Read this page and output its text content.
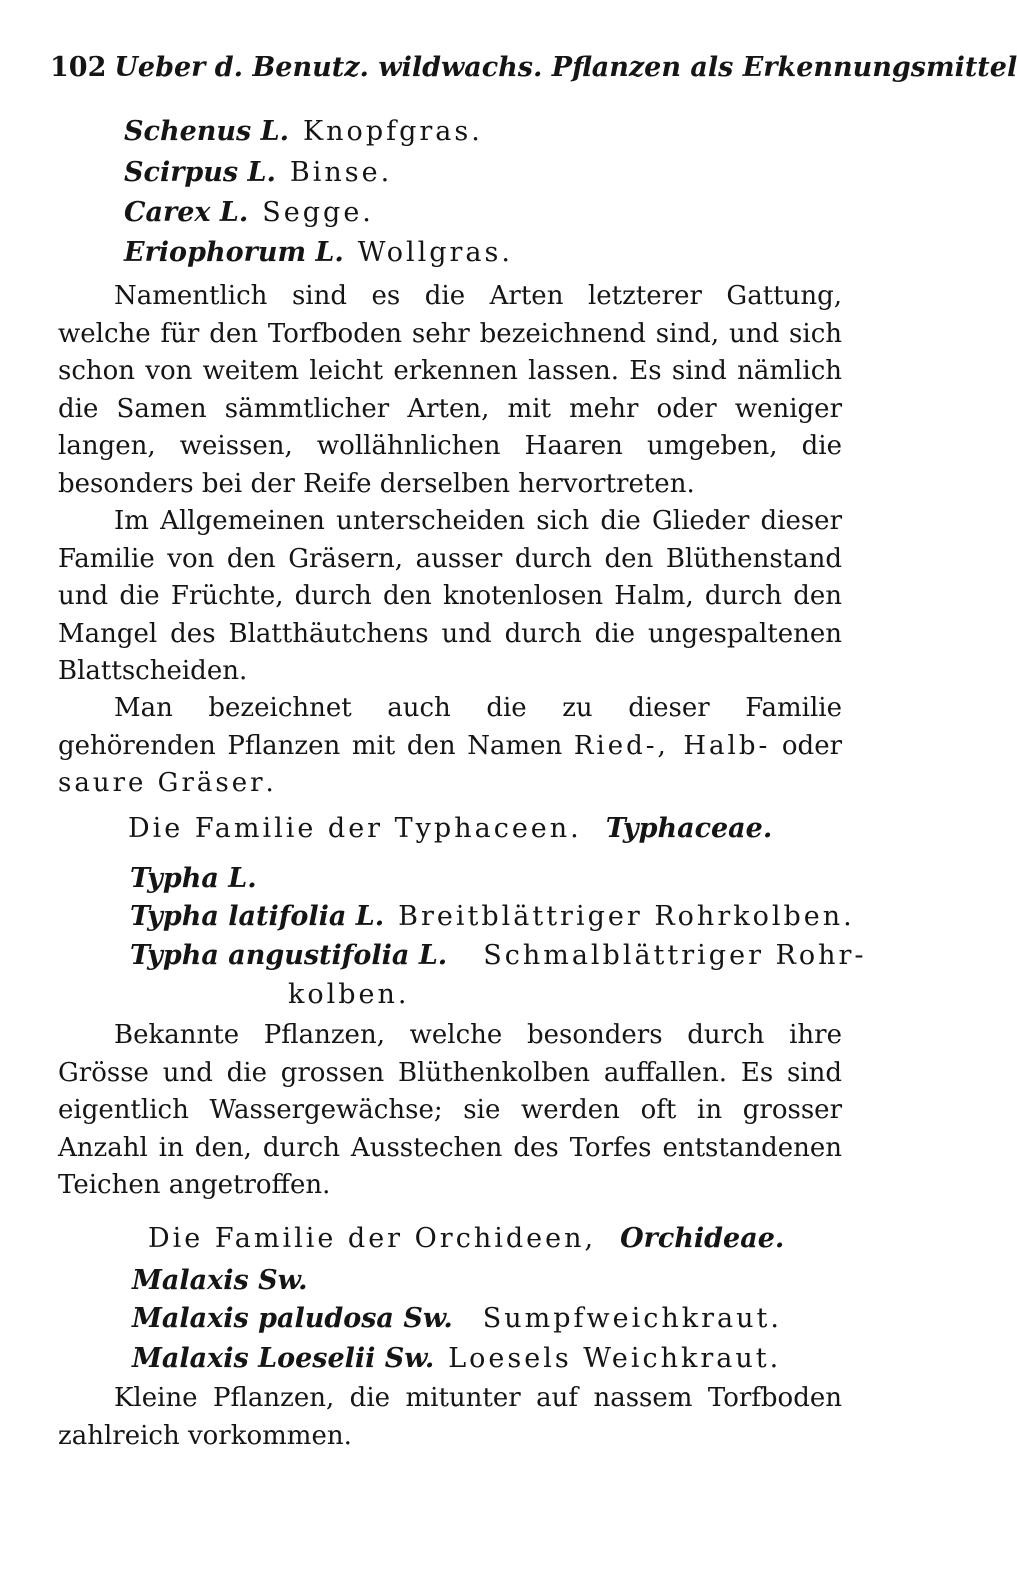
102 Ueber d. Benutz. wildwachs. Pflanzen als Erkennungsmittel
Schenus L. Knopfgras.
Scirpus L. Binse.
Carex L. Segge.
Eriophorum L. Wollgras.
Namentlich sind es die Arten letzterer Gattung, welche für den Torfboden sehr bezeichnend sind, und sich schon von weitem leicht erkennen lassen. Es sind nämlich die Samen sämmtlicher Arten, mit mehr oder weniger langen, weissen, wollähnlichen Haaren umgeben, die besonders bei der Reife derselben hervortreten.
Im Allgemeinen unterscheiden sich die Glieder dieser Familie von den Gräsern, ausser durch den Blüthenstand und die Früchte, durch den knotenlosen Halm, durch den Mangel des Blatthäutchens und durch die ungespaltenen Blattscheiden.
Man bezeichnet auch die zu dieser Familie gehörenden Pflanzen mit den Namen Ried-, Halb- oder saure Gräser.
Die Familie der Typhaceen. Typhaceae.
Typha L.
Typha latifolia L. Breitblättriger Rohrkolben.
Typha angustifolia L. Schmalblättriger Rohr-
kolben.
Bekannte Pflanzen, welche besonders durch ihre Grösse und die grossen Blüthenkolben auffallen. Es sind eigentlich Wassergewächse; sie werden oft in grosser Anzahl in den, durch Ausstechen des Torfes entstandenen Teichen angetroffen.
Die Familie der Orchideen, Orchideae.
Malaxis Sw.
Malaxis paludosa Sw. Sumpfweichkraut.
Malaxis Loeselii Sw. Loesels Weichkraut.
Kleine Pflanzen, die mitunter auf nassem Torfboden zahlreich vorkommen.
